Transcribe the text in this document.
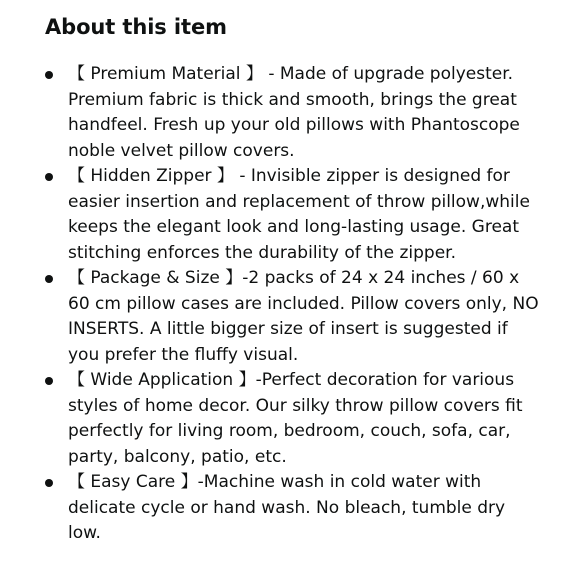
About this item
【 Premium Material 】 - Made of upgrade polyester. Premium fabric is thick and smooth, brings the great handfeel. Fresh up your old pillows with Phantoscope noble velvet pillow covers.
【 Hidden Zipper 】 - Invisible zipper is designed for easier insertion and replacement of throw pillow,while keeps the elegant look and long-lasting usage. Great stitching enforces the durability of the zipper.
【 Package & Size 】-2 packs of 24 x 24 inches / 60 x 60 cm pillow cases are included. Pillow covers only, NO INSERTS. A little bigger size of insert is suggested if you prefer the fluffy visual.
【 Wide Application 】-Perfect decoration for various styles of home decor. Our silky throw pillow covers fit perfectly for living room, bedroom, couch, sofa, car, party, balcony, patio, etc.
【 Easy Care 】-Machine wash in cold water with delicate cycle or hand wash. No bleach, tumble dry low.
